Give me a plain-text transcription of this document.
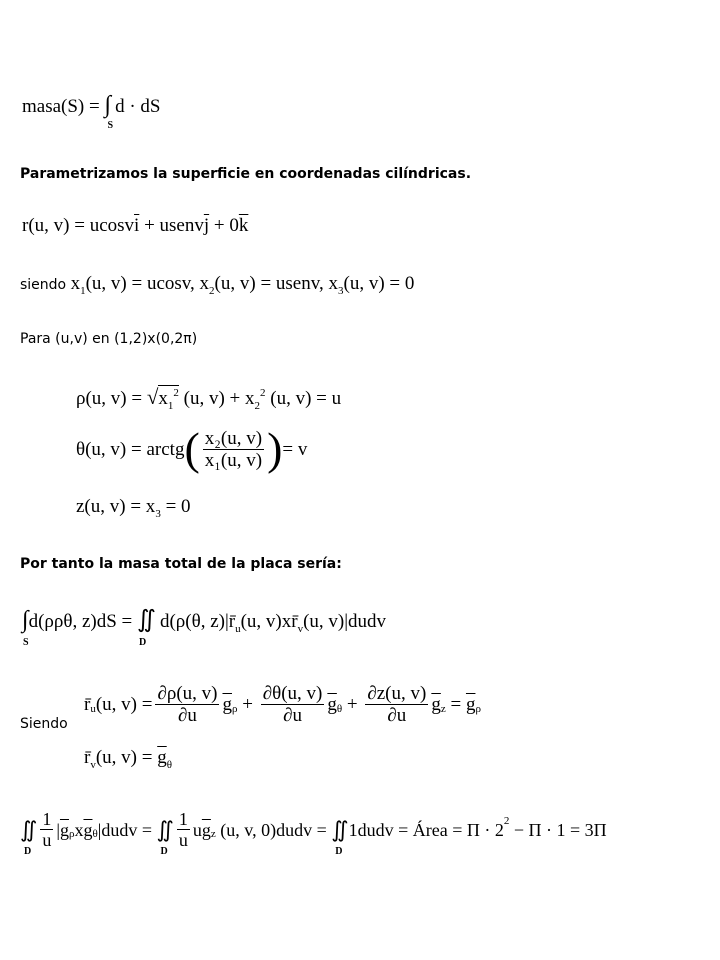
masa(S) = ∫
S
d · dS
Parametrizamos la superficie en coordenadas cilíndricas.
r(u, $v) = ucosv\overline{i}$ + $usenv\overline{j} + 0\overline{k}$
siendo $x_1(u$, v) = ucosv, $x_2(u$, v) = usenv, $x_3(u$, v) = 0
Para (u,v) en (1,2)x(0,2π)
ρ(u, $v) = √x_1^2$ (u, $v) + x_2^2$ (u, v) = u
θ(u, v) = arctg ( $\frac{\text{x₂(u, v)}}{\text{x₁(u, v)}}$ ) = v
z(u, $v) = x_3 = 0$
Por tanto la masa total de la placa sería:
∫
S
d(ρρθ, z)dS = ∬
D
d(ρ(θ, $z)|r̄_u(u$, $v)xr̄_v(u$, v)|dudv
Siendo
r̄ u (u, $v) = \frac{\partial\rho(u, v)}{\partial u} \overline{g}$ $\rho + \frac{\partial\theta(u, v)}{\partial u} \overline{g}$ $\theta + \frac{\partial z(u, v)}{\partial u} \overline{g}$ $z = \overline{g}$ ρ
$r̄_v(u$, $v) = \overline{g}_\theta$
∬
D
$\frac{1}{u}$ | $\overline{g}$ ρ x $\overline{g}$ θ |dudv = ∬
D
$\frac{1}{u}$ u $\overline{g}$ z (u, v, 0)dudv = ∬
D
1dudv = Área = Π · 2 2 − Π · 1 = 3Π
